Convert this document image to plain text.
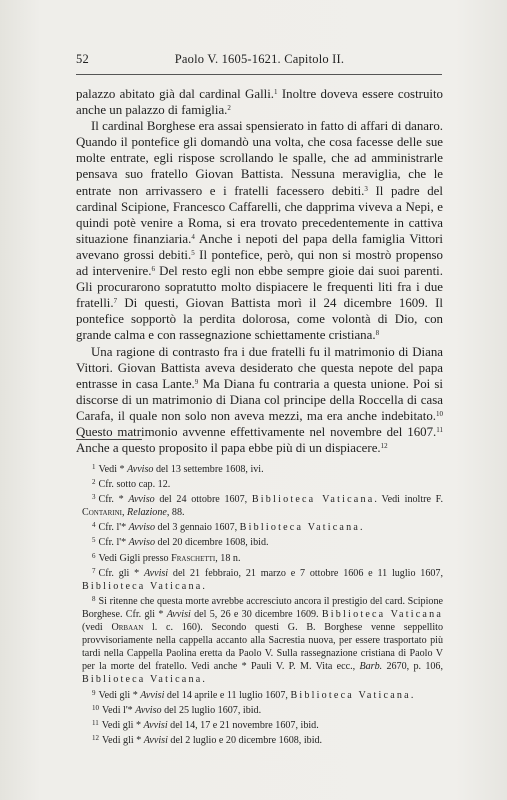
52	Paolo V. 1605-1621. Capitolo II.

palazzo abitato già dal cardinal Galli.$^1$ Inoltre doveva essere costruito anche un palazzo di famiglia.$^2$

Il cardinal Borghese era assai spensierato in fatto di affari di danaro. Quando il pontefice gli domandò una volta, che cosa facesse delle sue molte entrate, egli rispose scrollando le spalle, che ad amministrarle pensava suo fratello Giovan Battista. Nessuna meraviglia, che le entrate non arrivassero e i fratelli facessero debiti.$^3$ Il padre del cardinal Scipione, Francesco Caffarelli, che dapprima viveva a Nepi, e quindi potè venire a Roma, si era trovato precedentemente in cattiva situazione finanziaria.$^4$ Anche i nepoti del papa della famiglia Vittori avevano grossi debiti.$^5$ Il pontefice, però, qui non si mostrò propenso ad intervenire.$^6$ Del resto egli non ebbe sempre gioie dai suoi parenti. Gli procurarono sopratutto molto dispiacere le frequenti liti fra i due fratelli.$^7$ Di questi, Giovan Battista morì il 24 dicembre 1609. Il pontefice sopportò la perdita dolorosa, come volontà di Dio, con grande calma e con rassegnazione schiettamente cristiana.$^8$

Una ragione di contrasto fra i due fratelli fu il matrimonio di Diana Vittori. Giovan Battista aveva desiderato che questa nepote del papa entrasse in casa Lante.$^9$ Ma Diana fu contraria a questa unione. Poi si discorse di un matrimonio di Diana col principe della Roccella di casa Carafa, il quale non solo non aveva mezzi, ma era anche indebitato.$^{10}$ Questo matrimonio avvenne effettivamente nel novembre del 1607.11 Anche a questo proposito il papa ebbe più di un dispiacere.$^{12}$

$^1$ Vedi * Avviso del 13 settembre 1608, ivi.

$^2$ Cfr. sotto cap. 12.

$^3$ Cfr. * Avviso del 24 ottobre 1607, Biblioteca Vaticana. Vedi inoltre F. Contarini, Relazione, 88.

$^4$ Cfr. l'* Avviso del 3 gennaio 1607, Biblioteca Vaticana.

$^5$ Cfr. l'* Avviso del 20 dicembre 1608, ibid.

$^6$ Vedi Gigli presso Fraschetti, 18 n.

$^7$ Cfr. gli * Avvisi del 21 febbraio, 21 marzo e 7 ottobre 1606 e 11 luglio 1607, Biblioteca Vaticana.

$^8$ Si ritenne che questa morte avrebbe accresciuto ancora il prestigio del card. Scipione Borghese. Cfr. gli * Avvisi del 5, 26 e 30 dicembre 1609. Biblioteca Vaticana (vedi Orbaan l. c. 160). Secondo questi G. B. Borghese venne seppellito provvisoriamente nella cappella accanto alla Sacrestia nuova, per essere trasportato più tardi nella Cappella Paolina eretta da Paolo V. Sulla rassegnazione cristiana di Paolo V per la morte del fratello. Vedi anche * Pauli V. P. M. Vita ecc., Barb. 2670, p. 106, Biblioteca Vaticana.

$^9$ Vedi gli * Avvisi del 14 aprile e 11 luglio 1607, Biblioteca Vaticana.

$^{10}$ Vedi l'* Avviso del 25 luglio 1607, ibid.

$^{11}$ Vedi gli * Avvisi del 14, 17 e 21 novembre 1607, ibid.

$^{12}$ Vedi gli * Avvisi del 2 luglio e 20 dicembre 1608, ibid.
